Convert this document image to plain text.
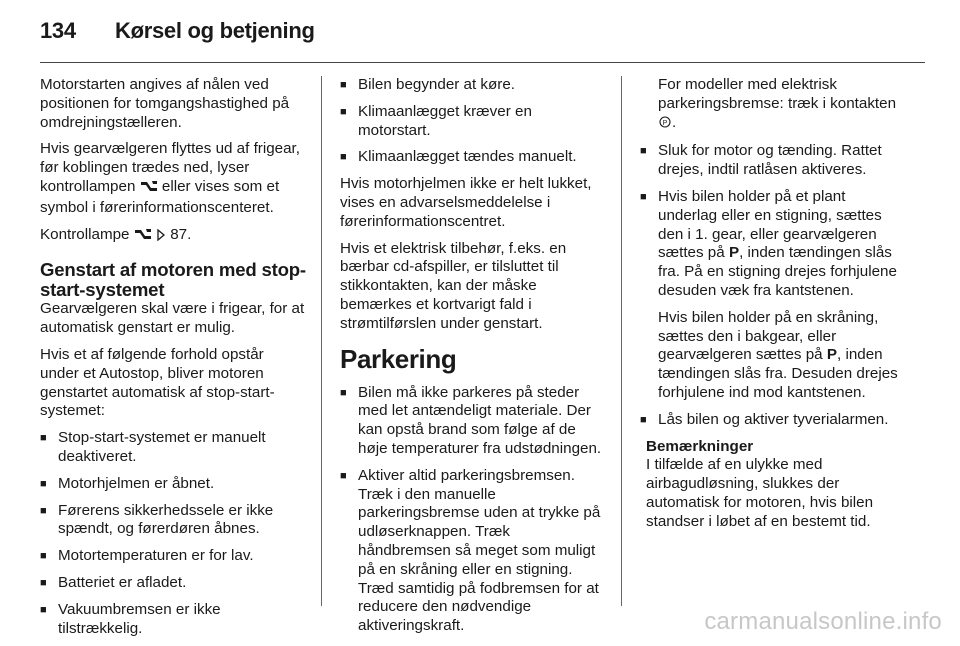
134 Kørsel og betjening

Motorstarten angives af nålen ved positionen for tomgangshastighed på omdrejningstælleren.

Hvis gearvælgeren flyttes ud af frigear, før koblingen trædes ned, lyser kontrollampen eller vises som et symbol i førerinformationscenteret.

Kontrollampe	87.

Genstart af motoren med stop-start-systemet

Gearvælgeren skal være i frigear, for at automatisk genstart er mulig.

Hvis et af følgende forhold opstår under et Autostop, bliver motoren genstartet automatisk af stop-start-systemet:

■ Stop-start-systemet er manuelt deaktiveret.
■ Motorhjelmen er åbnet.
■ Førerens sikkerhedssele er ikke spændt, og førerdøren åbnes.
■ Motortemperaturen er for lav.
■ Batteriet er afladet.
■ Vakuumbremsen er ikke tilstrækkelig.
■ Bilen begynder at køre.
■ Klimaanlægget kræver en motorstart.
■ Klimaanlægget tændes manuelt.

Hvis motorhjelmen ikke er helt lukket, vises en advarselsmeddelelse i førerinformationscentret.

Hvis et elektrisk tilbehør, f.eks. en bærbar cd-afspiller, er tilsluttet til stikkontakten, kan der måske bemærkes et kortvarigt fald i strømtilførslen under genstart.

Parkering
■ Bilen må ikke parkeres på steder med let antændeligt materiale. Der kan opstå brand som følge af de høje temperaturer fra udstødningen.
■ Aktiver altid parkeringsbremsen. Træk i den manuelle parkeringsbremse uden at trykke på udløserknappen. Træk håndbremsen så meget som muligt på en skråning eller en stigning. Træd samtidig på fodbremsen for at reducere den nødvendige aktiveringskraft.

For modeller med elektrisk parkeringsbremse: træk i kontakten
P .

■ Sluk for motor og tænding. Rattet drejes, indtil ratlåsen aktiveres.
■ Hvis bilen holder på et plant underlag eller en stigning, sættes den i 1. gear, eller gearvælgeren sættes på P, inden tændingen slås fra. På en stigning drejes forhjulene desuden væk fra kantstenen.
Hvis bilen holder på en skråning, sættes den i bakgear, eller gearvælgeren sættes på P, inden tændingen slås fra. Desuden drejes forhjulene ind mod kantstenen.
■ Lås bilen og aktiver tyverialarmen.

Bemærkninger

I tilfælde af en ulykke med airbagudløsning, slukkes der automatisk for motoren, hvis bilen standser i løbet af en bestemt tid.

carmanualsonline.info
